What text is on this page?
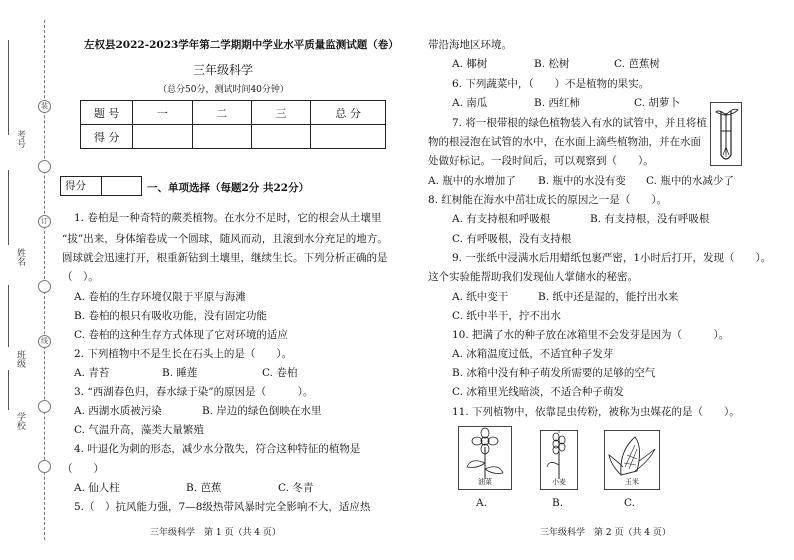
考号
姓名
班级
学校
装
订
线
左权县2022-2023学年第二学期期中学业水平质量监测试题（卷）
三年级科学
（总分50分，测试时间40分钟）
题 号	一	二	三	总 分
得 分				
得分	一、单项选择（每题2分 共22分）
1. 卷柏是一种奇特的蕨类植物。在水分不足时，它的根会从土壤里
“拔”出来，身体缩卷成一个圆球，随风而动，且滚到水分充足的地方。
圆球就会迅速打开，根重新钻到土壤里，继续生长。下列分析正确的是
（　）。
A. 卷柏的生存环境仅限于平原与海滩
B. 卷柏的根只有吸收功能，没有固定功能
C. 卷柏的这种生存方式体现了它对环境的适应
2. 下列植物中不是生长在石头上的是（　　）。
A. 青苔	B. 睡莲	C. 卷柏
3. “西湖春色归，春水绿于染”的原因是（　　　）。
A. 西湖水质被污染	B. 岸边的绿色倒映在水里
C. 气温升高，藻类大量繁殖
4. 叶退化为刺的形态，减少水分散失，符合这种特征的植物是
（　　）
A. 仙人柱	B. 芭蕉	C. 冬青
5.（　）抗风能力强，7—8级热带风暴时完全影响不大，适应热
三年级科学　第 1 页（共 4 页）
带沿海地区环境。
A. 椰树	B. 松树	C. 芭蕉树
6. 下列蔬菜中，（　　）不是植物的果实。
A. 南瓜	B. 西红柿	C. 胡萝卜
7. 将一根带根的绿色植物装入有水的试管中，并且将植
物的根浸泡在试管的水中，在水面上滴些植物油，并在水面
处做好标记。一段时间后，可以观察到（　　）。
A. 瓶中的水增加了 B. 瓶中的水没有变 C. 瓶中的水减少了
8. 红树能在海水中茁壮成长的原因之一是（　　）。
A. 有支持根和呼吸根	B. 有支持根，没有呼吸根
C. 有呼吸根，没有支持根
9. 一张纸中浸满水后用蜡纸包裹严密，1小时后打开，发现（　　）。
这个实验能帮助我们发现仙人掌储水的秘密。
A. 纸中变干	B. 纸中还是湿的，能拧出水来
C. 纸中半干，拧不出水
10. 把满了水的种子放在冰箱里不会发芽是因为（　　　）。
A. 冰箱温度过低，不适宜种子发芽
B. 冰箱中没有种子萌发所需要的足够的空气
C. 冰箱里光线暗淡，不适合种子萌发
11. 下列植物中，依靠昆虫传粉，被称为虫媒花的是（　　）。
油菜
A.
小麦
B.
玉米
C.
三年级科学　第 2 页（共 4 页）
